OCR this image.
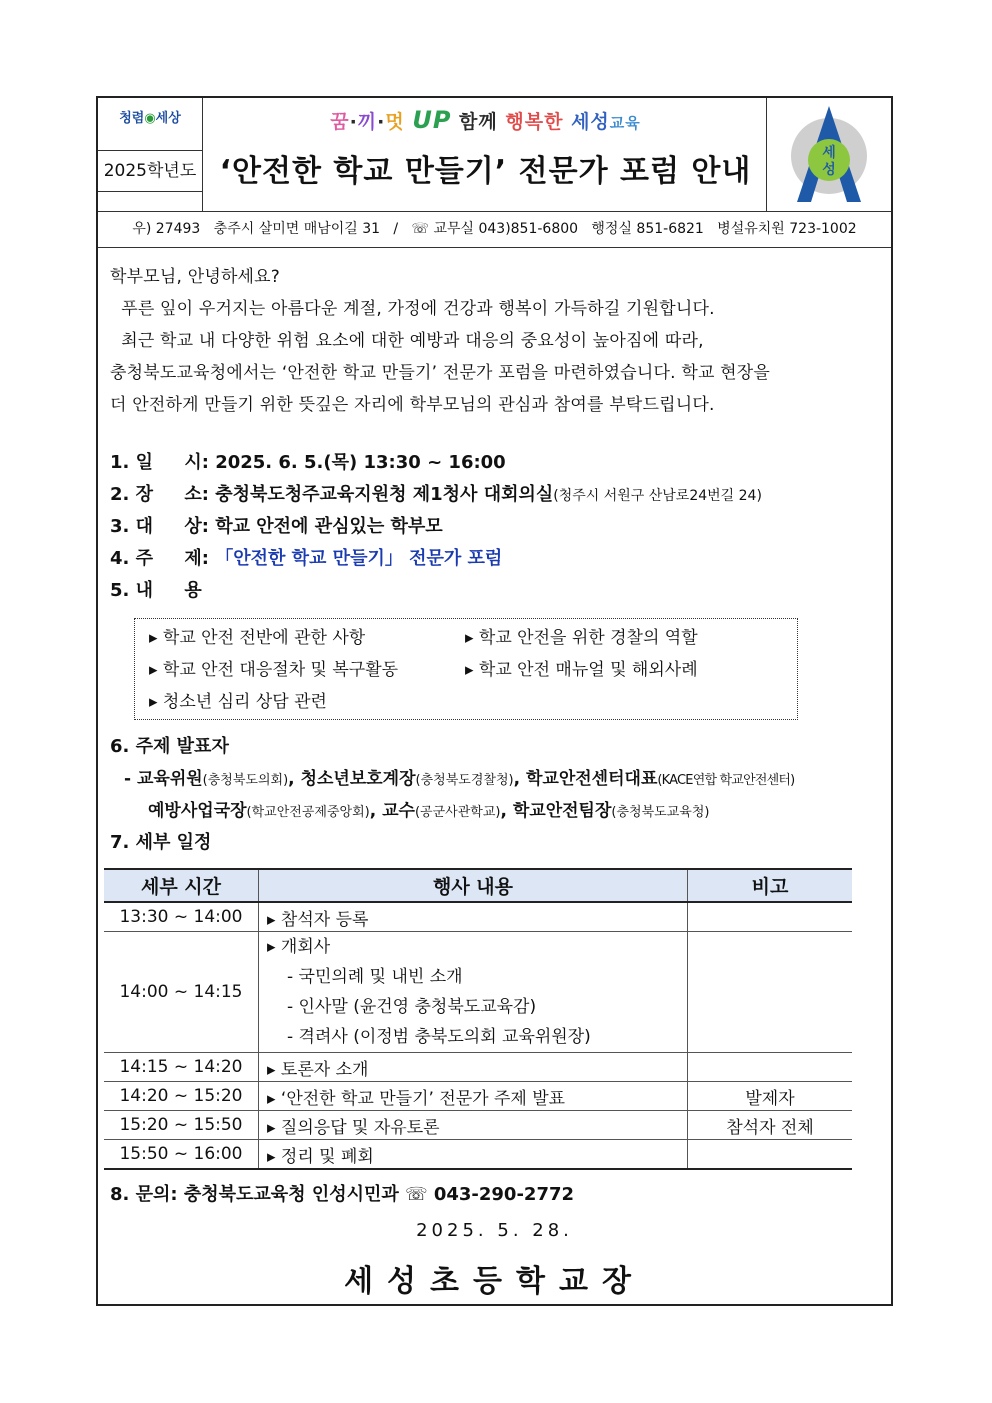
청렴◉세상
2025학년도
꿈·끼·멋 UP 함께 행복한 세성교육
‘안전한 학교 만들기’ 전문가 포럼 안내
세
성
우) 27493   충주시 살미면 매남이길 31   /   ☏ 교무실 043)851-6800   행정실 851-6821   병설유치원 723-1002
학부모님, 안녕하세요?
푸른 잎이 우거지는 아름다운 계절, 가정에 건강과 행복이 가득하길 기원합니다.
최근 학교 내 다양한 위험 요소에 대한 예방과 대응의 중요성이 높아짐에 따라,
충청북도교육청에서는 ‘안전한 학교 만들기’ 전문가 포럼을 마련하였습니다. 학교 현장을
더 안전하게 만들기 위한 뜻깊은 자리에 학부모님의 관심과 참여를 부탁드립니다.
1. 일     시: 2025. 6. 5.(목) 13:30 ~ 16:00
2. 장     소: 충청북도청주교육지원청 제1청사 대회의실(청주시 서원구 산남로24번길 24)
3. 대     상: 학교 안전에 관심있는 학부모
4. 주     제: 「안전한 학교 만들기」 전문가 포럼
5. 내     용
▸ 학교 안전 전반에 관한 사항	▸ 학교 안전을 위한 경찰의 역할
▸ 학교 안전 대응절차 및 복구활동	▸ 학교 안전 매뉴얼 및 해외사례
▸ 청소년 심리 상담 관련
6. 주제 발표자
- 교육위원(충청북도의회), 청소년보호계장(충청북도경찰청), 학교안전센터대표(KACE연합 학교안전센터)
예방사업국장(학교안전공제중앙회), 교수(공군사관학교), 학교안전팀장(충청북도교육청)
7. 세부 일정
세부 시간	행사 내용	비고
13:30 ~ 14:00	▸ 참석자 등록	
14:00 ~ 14:15	▸ 개회사
- 국민의례 및 내빈 소개
- 인사말 (윤건영 충청북도교육감)
- 격려사 (이정범 충북도의회 교육위원장)	

14:15 ~ 14:20	▸ 토론자 소개	
14:20 ~ 15:20	▸ ‘안전한 학교 만들기’ 전문가 주제 발표	발제자
15:20 ~ 15:50	▸ 질의응답 및 자유토론	참석자 전체
15:50 ~ 16:00	▸ 정리 및 폐회	
8. 문의: 충청북도교육청 인성시민과 ☏ 043-290-2772
2025. 5. 28.
세성초등학교장
